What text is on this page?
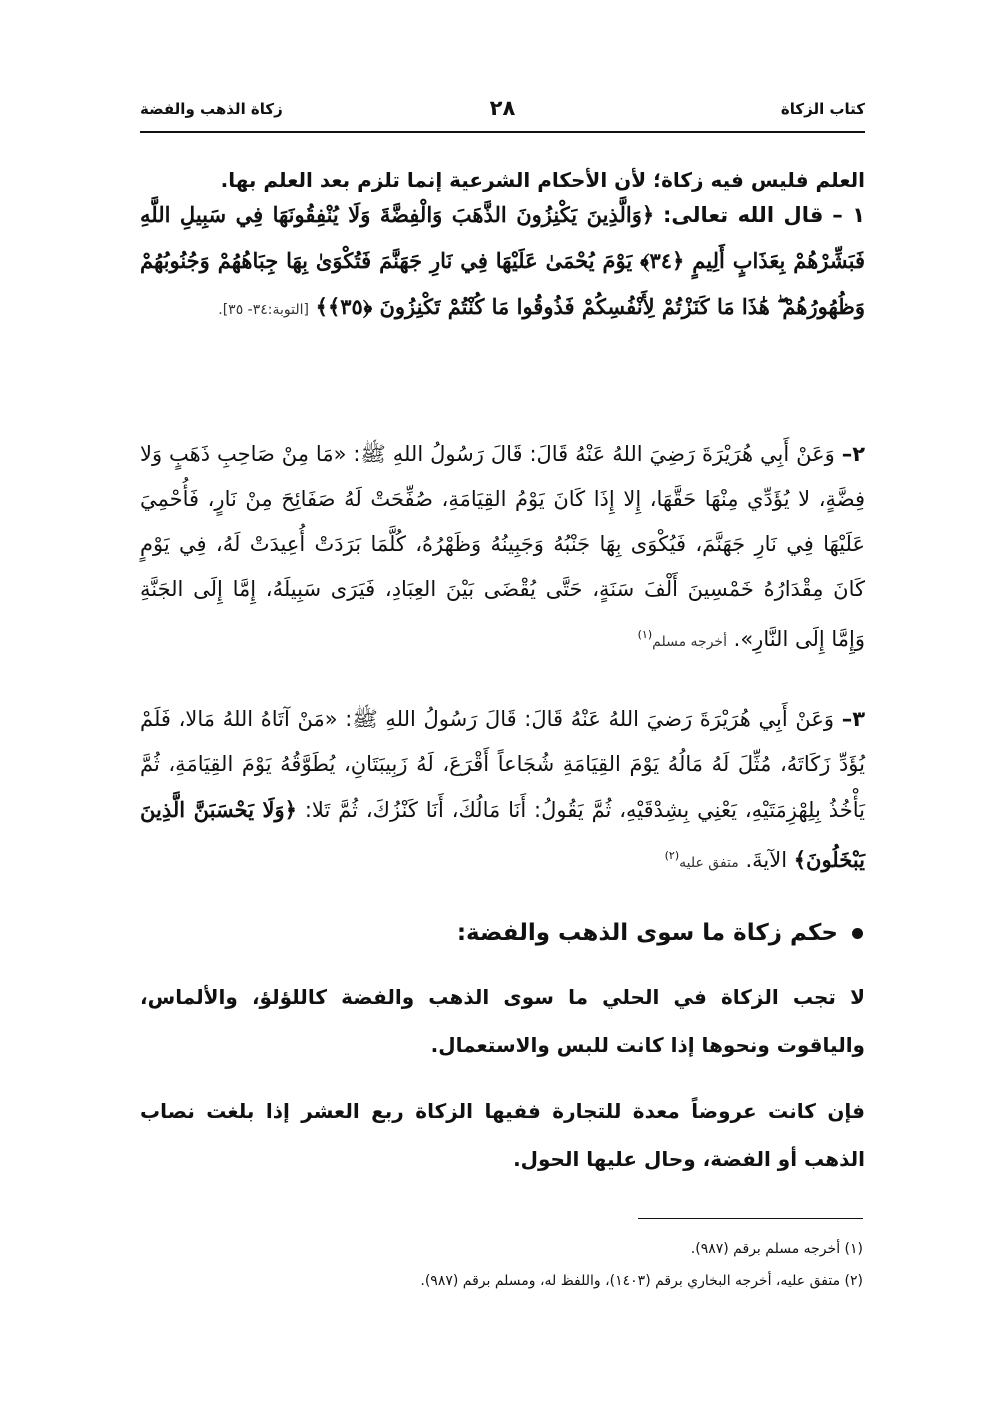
كتاب الزكاة
٢٨
زكاة الذهب والفضة
العلم فليس فيه زكاة؛ لأن الأحكام الشرعية إنما تلزم بعد العلم بها.
١ – قال الله تعالى: ﴿وَالَّذِينَ يَكْنِزُونَ الذَّهَبَ وَالْفِضَّةَ وَلَا يُنْفِقُونَهَا فِي سَبِيلِ اللَّهِ فَبَشِّرْهُمْ بِعَذَابٍ أَلِيمٍ ﴿٣٤﴾ يَوْمَ يُحْمَىٰ عَلَيْهَا فِي نَارِ جَهَنَّمَ فَتُكْوَىٰ بِهَا جِبَاهُهُمْ وَجُنُوبُهُمْ وَظُهُورُهُمْ ۖ هَٰذَا مَا كَنَزْتُمْ لِأَنْفُسِكُمْ فَذُوقُوا مَا كُنْتُمْ تَكْنِزُونَ ﴿٣٥﴾﴾ [التوبة:٣٤- ٣٥].
٢– وَعَنْ أَبِي هُرَيْرَةَ رَضِيَ اللهُ عَنْهُ قَالَ: قَالَ رَسُولُ اللهِ ﷺ: «مَا مِنْ صَاحِبِ ذَهَبٍ وَلا فِضَّةٍ، لا يُؤَدِّي مِنْهَا حَقَّهَا، إِلا إِذَا كَانَ يَوْمُ القِيَامَةِ، صُفِّحَتْ لَهُ صَفَائِحَ مِنْ نَارٍ، فَأُحْمِيَ عَلَيْهَا فِي نَارِ جَهَنَّمَ، فَيُكْوَى بِهَا جَنْبُهُ وَجَبِينُهُ وَظَهْرُهُ، كُلَّمَا بَرَدَتْ أُعِيدَتْ لَهُ، فِي يَوْمٍ كَانَ مِقْدَارُهُ خَمْسِينَ أَلْفَ سَنَةٍ، حَتَّى يُقْضَى بَيْنَ العِبَادِ، فَيَرَى سَبِيلَهُ، إِمَّا إِلَى الجَنَّةِ وَإِمَّا إِلَى النَّارِ». أخرجه مسلم$^{(١)}$
٣– وَعَنْ أَبِي هُرَيْرَةَ رَضيَ اللهُ عَنْهُ قَالَ: قَالَ رَسُولُ اللهِ ﷺ: «مَنْ آتَاهُ اللهُ مَالا، فَلَمْ يُؤَدِّ زَكَاتَهُ، مُثِّلَ لَهُ مَالُهُ يَوْمَ القِيَامَةِ شُجَاعاً أَقْرَعَ، لَهُ زَبِيبَتَانِ، يُطَوَّقُهُ يَوْمَ القِيَامَةِ، ثُمَّ يَأْخُذُ بِلِهْزِمَتَيْهِ، يَعْنِي بِشِدْقَيْهِ، ثُمَّ يَقُولُ: أَنَا مَالُكَ، أَنَا كَنْزُكَ، ثُمَّ تَلا: ﴿وَلَا يَحْسَبَنَّ الَّذِينَ يَبْخَلُونَ﴾ الآيةَ. متفق عليه$^{(٢)}$
حكم زكاة ما سوى الذهب والفضة:
لا تجب الزكاة في الحلي ما سوى الذهب والفضة كاللؤلؤ، والألماس، والياقوت ونحوها إذا كانت للبس والاستعمال.
فإن كانت عروضاً معدة للتجارة ففيها الزكاة ربع العشر إذا بلغت نصاب الذهب أو الفضة، وحال عليها الحول.
(١) أخرجه مسلم برقم (٩٨٧).
(٢) متفق عليه، أخرجه البخاري برقم (١٤٠٣)، واللفظ له، ومسلم برقم (٩٨٧).
